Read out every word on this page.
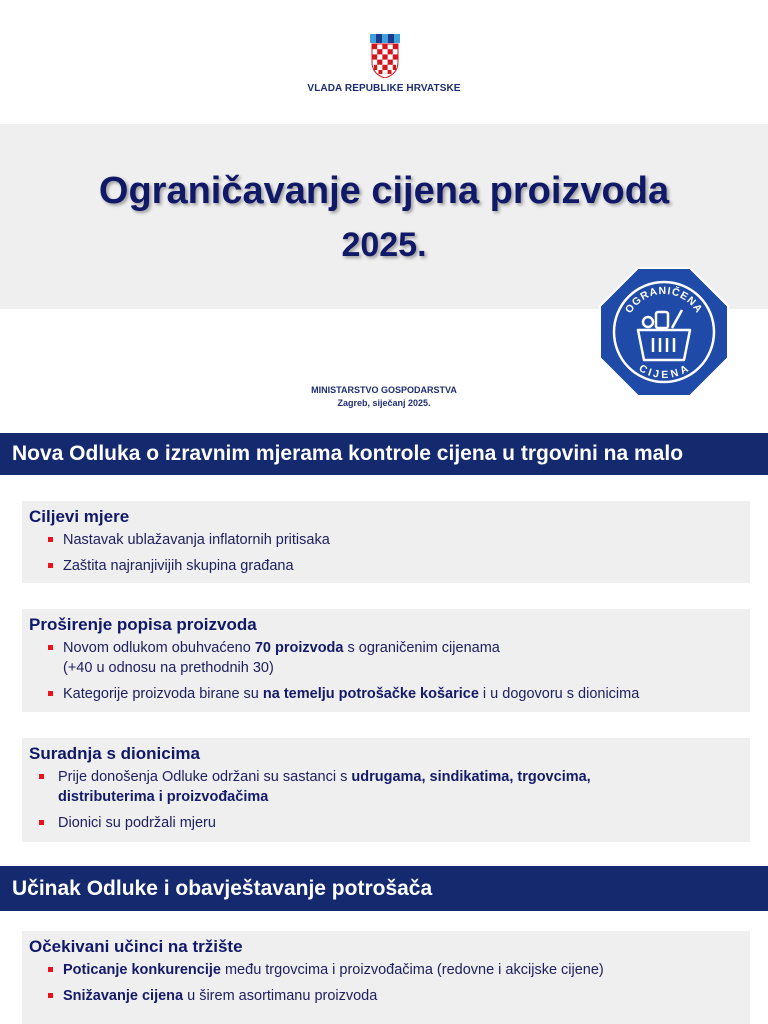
VLADA REPUBLIKE HRVATSKE
Ograničavanje cijena proizvoda
2025.
OGRANIČENA
CIJENA
MINISTARSTVO GOSPODARSTVA
Zagreb, siječanj 2025.
Nova Odluka o izravnim mjerama kontrole cijena u trgovini na malo
Ciljevi mjere
Nastavak ublažavanja inflatornih pritisaka
Zaštita najranjivijih skupina građana
Proširenje popisa proizvoda
Novom odlukom obuhvaćeno 70 proizvoda s ograničenim cijenama
(+40 u odnosu na prethodnih 30)
Kategorije proizvoda birane su na temelju potrošačke košarice i u dogovoru s dionicima
Suradnja s dionicima
Prije donošenja Odluke održani su sastanci s udrugama, sindikatima, trgovcima,
distributerima i proizvođačima
Dionici su podržali mjeru
Učinak Odluke i obavještavanje potrošača
Očekivani učinci na tržište
Poticanje konkurencije među trgovcima i proizvođačima (redovne i akcijske cijene)
Snižavanje cijena u širem asortimanu proizvoda
